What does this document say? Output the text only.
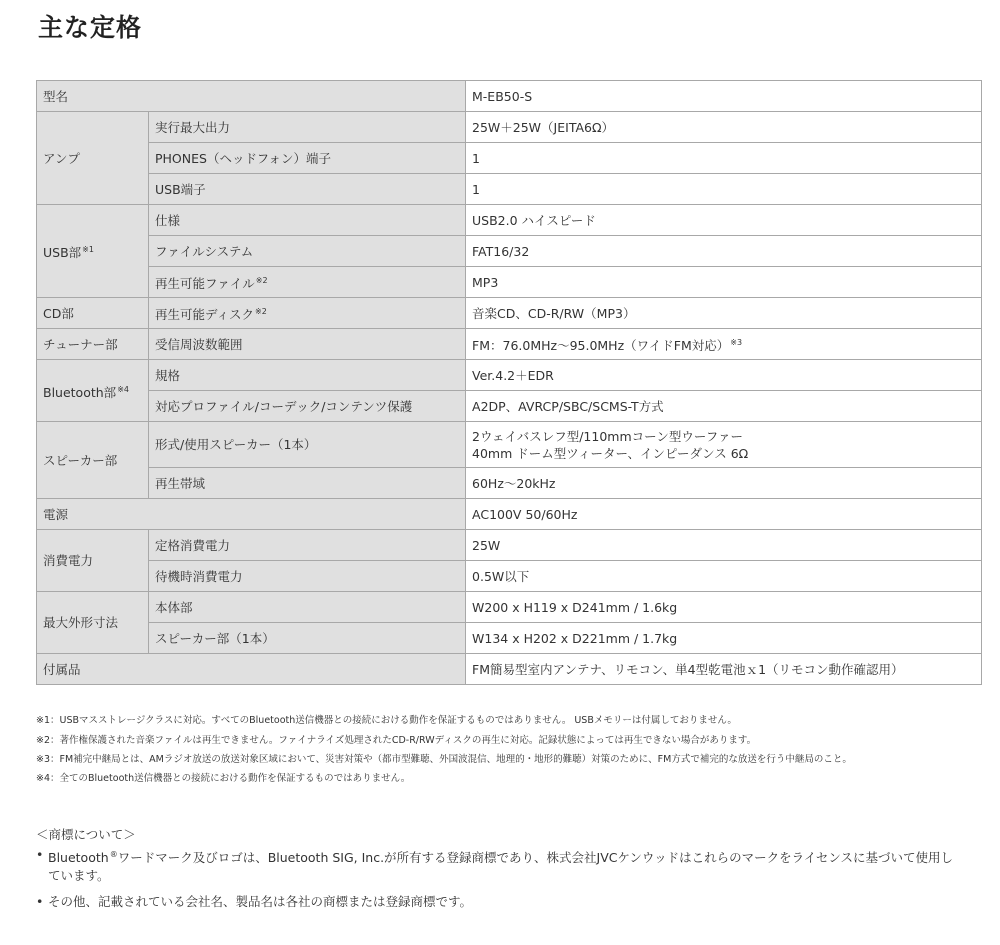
主な定格
型名		M-EB50-S
アンプ	実行最大出力	25W＋25W（JEITA6Ω）
	PHONES（ヘッドフォン）端子	1
	USB端子	1
USB部$^{※1}$	仕様	USB2.0 ハイスピード
	ファイルシステム	FAT16/32
	再生可能ファイル$^{※2}$	MP3
CD部	再生可能ディスク$^{※2}$	音楽CD、CD-R/RW（MP3）
チューナー部	受信周波数範囲	FM：76.0MHz〜95.0MHz（ワイドFM対応）$^{※3}$
Bluetooth部$^{※4}$	規格	Ver.4.2＋EDR
	対応プロファイル/コーデック/コンテンツ保護	A2DP、AVRCP/SBC/SCMS-T方式
スピーカー部	形式/使用スピーカー（1本）	2ウェイバスレフ型/110mmコーン型ウーファー
40mm ドーム型ツィーター、インピーダンス 6Ω

	再生帯域	60Hz〜20kHz
電源		AC100V 50/60Hz
消費電力	定格消費電力	25W
	待機時消費電力	0.5W以下
最大外形寸法	本体部	W200 x H119 x D241mm / 1.6kg
	スピーカー部（1本）	W134 x H202 x D221mm / 1.7kg
付属品		FM簡易型室内アンテナ、リモコン、単4型乾電池ｘ1（リモコン動作確認用）
※1：USBマスストレージクラスに対応。すべてのBluetooth送信機器との接続における動作を保証するものではありません。 USBメモリーは付属しておりません。
※2：著作権保護された音楽ファイルは再生できません。ファイナライズ処理されたCD-R/RWディスクの再生に対応。記録状態によっては再生できない場合があります。
※3：FM補完中継局とは、AMラジオ放送の放送対象区域において、災害対策や（都市型難聴、外国波混信、地理的・地形的難聴）対策のために、FM方式で補完的な放送を行う中継局のこと。
※4：全てのBluetooth送信機器との接続における動作を保証するものではありません。
＜商標について＞
• Bluetooth®ワードマーク及びロゴは、Bluetooth SIG, Inc.が所有する登録商標であり、株式会社JVCケンウッドはこれらのマークをライセンスに基づいて使用しています。
• その他、記載されている会社名、製品名は各社の商標または登録商標です。
